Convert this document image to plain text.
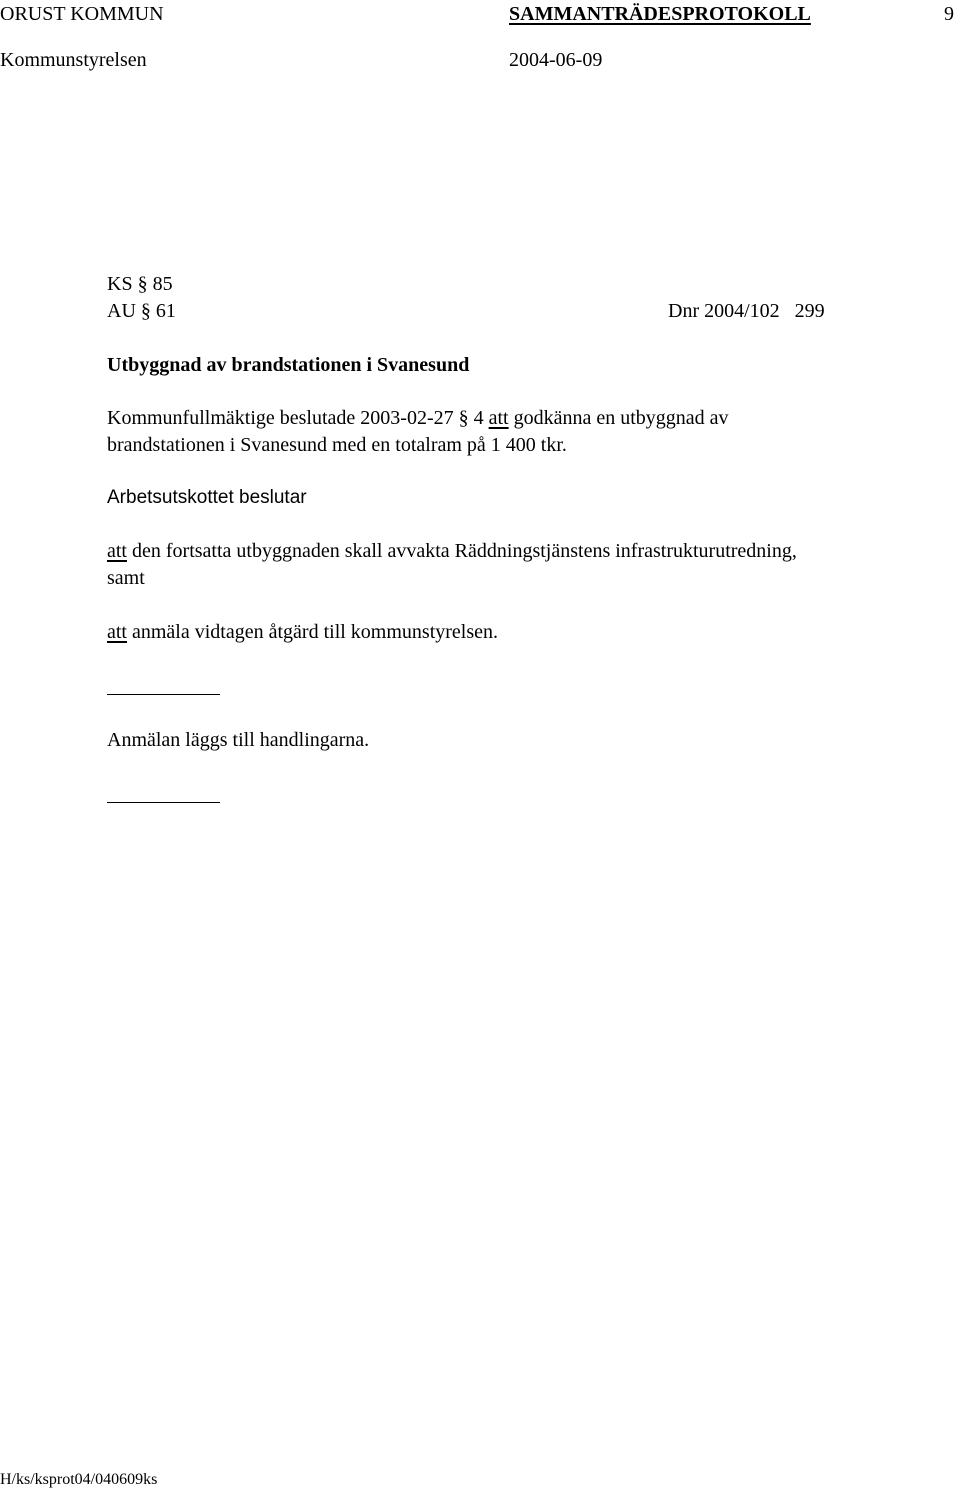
ORUST KOMMUN	SAMMANTRÄDESPROTOKOLL	9
Kommunstyrelsen	2004-06-09
KS § 85
AU § 61	Dnr 2004/102   299
Utbyggnad av brandstationen i Svanesund
Kommunfullmäktige beslutade 2003-02-27 § 4 att godkänna en utbyggnad av
brandstationen i Svanesund med en totalram på 1 400 tkr.
Arbetsutskottet beslutar
att den fortsatta utbyggnaden skall avvakta Räddningstjänstens infrastrukturutredning,
samt
att anmäla vidtagen åtgärd till kommunstyrelsen.
Anmälan läggs till handlingarna.
H/ks/ksprot04/040609ks
